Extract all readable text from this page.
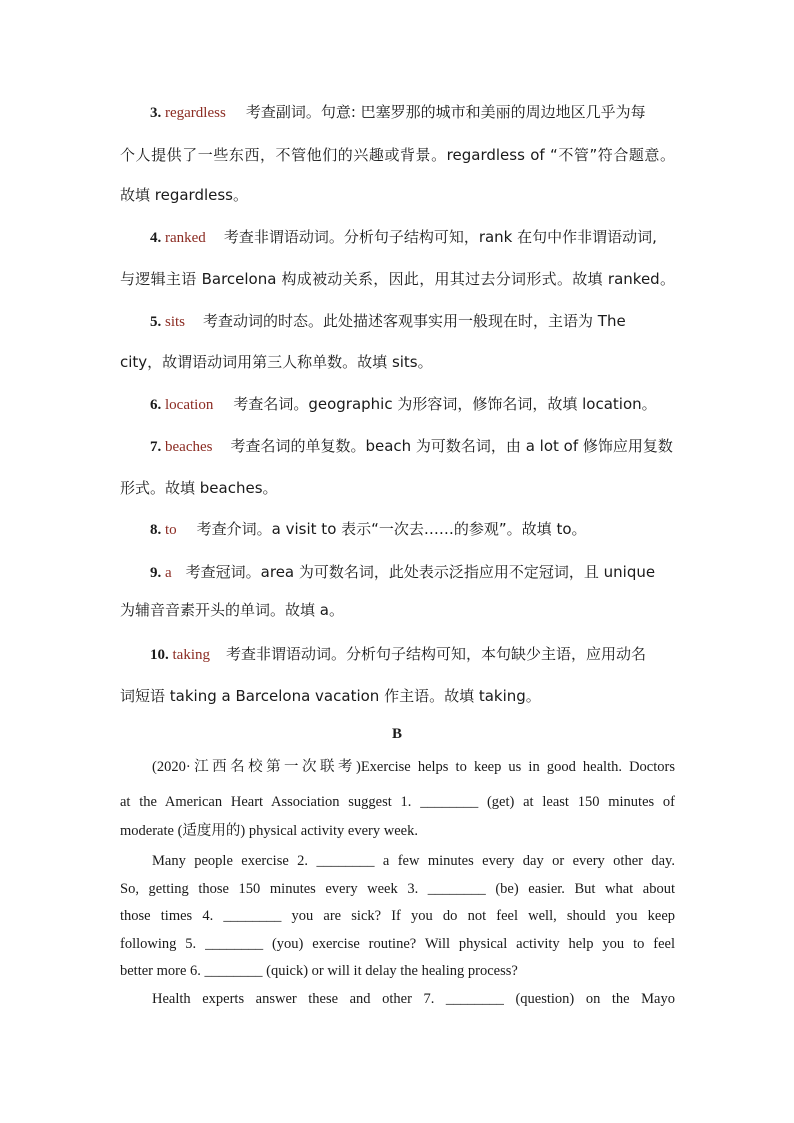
3. regardless 考查副词。句意: 巴塞罗那的城市和美丽的周边地区几乎为每
个人提供了一些东西，不管他们的兴趣或背景。regardless of “不管”符合题意。
故填 regardless。
4. ranked 考查非谓语动词。分析句子结构可知，rank 在句中作非谓语动词,
与逻辑主语 Barcelona 构成被动关系，因此，用其过去分词形式。故填 ranked。
5. sits 考查动词的时态。此处描述客观事实用一般现在时，主语为 The
city，故谓语动词用第三人称单数。故填 sits。
6. location 考查名词。geographic 为形容词，修饰名词，故填 location。
7. beaches 考查名词的单复数。beach 为可数名词，由 a lot of 修饰应用复数
形式。故填 beaches。
8. to 考查介词。a visit to 表示“一次去……的参观”。故填 to。
9. a 考查冠词。area 为可数名词，此处表示泛指应用不定冠词，且 unique
为辅音音素开头的单词。故填 a。
10. taking 考查非谓语动词。分析句子结构可知，本句缺少主语，应用动名
词短语 taking a Barcelona vacation 作主语。故填 taking。
B
(2020·江西名校第一次联考)Exercise helps to keep us in good health. Doctors
at the American Heart Association suggest 1. ________ (get) at least 150 minutes of
moderate (适度用的) physical activity every week.
Many people exercise 2. ________ a few minutes every day or every other day.
So, getting those 150 minutes every week 3. ________ (be) easier. But what about
those times 4. ________ you are sick? If you do not feel well, should you keep
following 5. ________ (you) exercise routine? Will physical activity help you to feel
better more 6. ________ (quick) or will it delay the healing process?
Health experts answer these and other 7. ________ (question) on the Mayo
